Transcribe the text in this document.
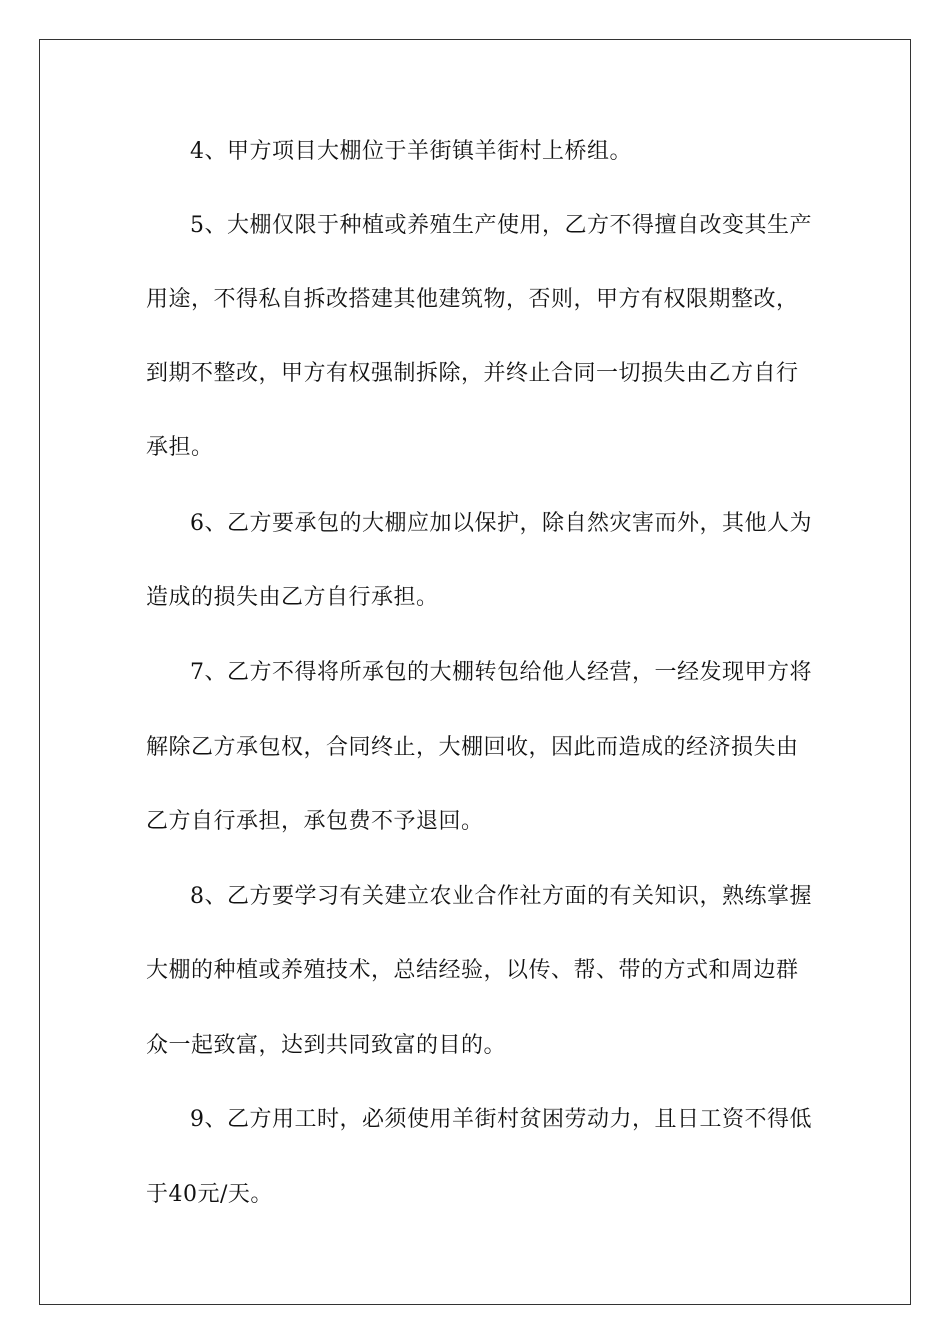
4、甲方项目大棚位于羊街镇羊街村上桥组。
5、大棚仅限于种植或养殖生产使用，乙方不得擅自改变其生产
用途，不得私自拆改搭建其他建筑物，否则，甲方有权限期整改，
到期不整改，甲方有权强制拆除，并终止合同一切损失由乙方自行
承担。
6、乙方要承包的大棚应加以保护，除自然灾害而外，其他人为
造成的损失由乙方自行承担。
7、乙方不得将所承包的大棚转包给他人经营，一经发现甲方将
解除乙方承包权，合同终止，大棚回收，因此而造成的经济损失由
乙方自行承担，承包费不予退回。
8、乙方要学习有关建立农业合作社方面的有关知识，熟练掌握
大棚的种植或养殖技术，总结经验，以传、帮、带的方式和周边群
众一起致富，达到共同致富的目的。
9、乙方用工时，必须使用羊街村贫困劳动力，且日工资不得低
于40元/天。
